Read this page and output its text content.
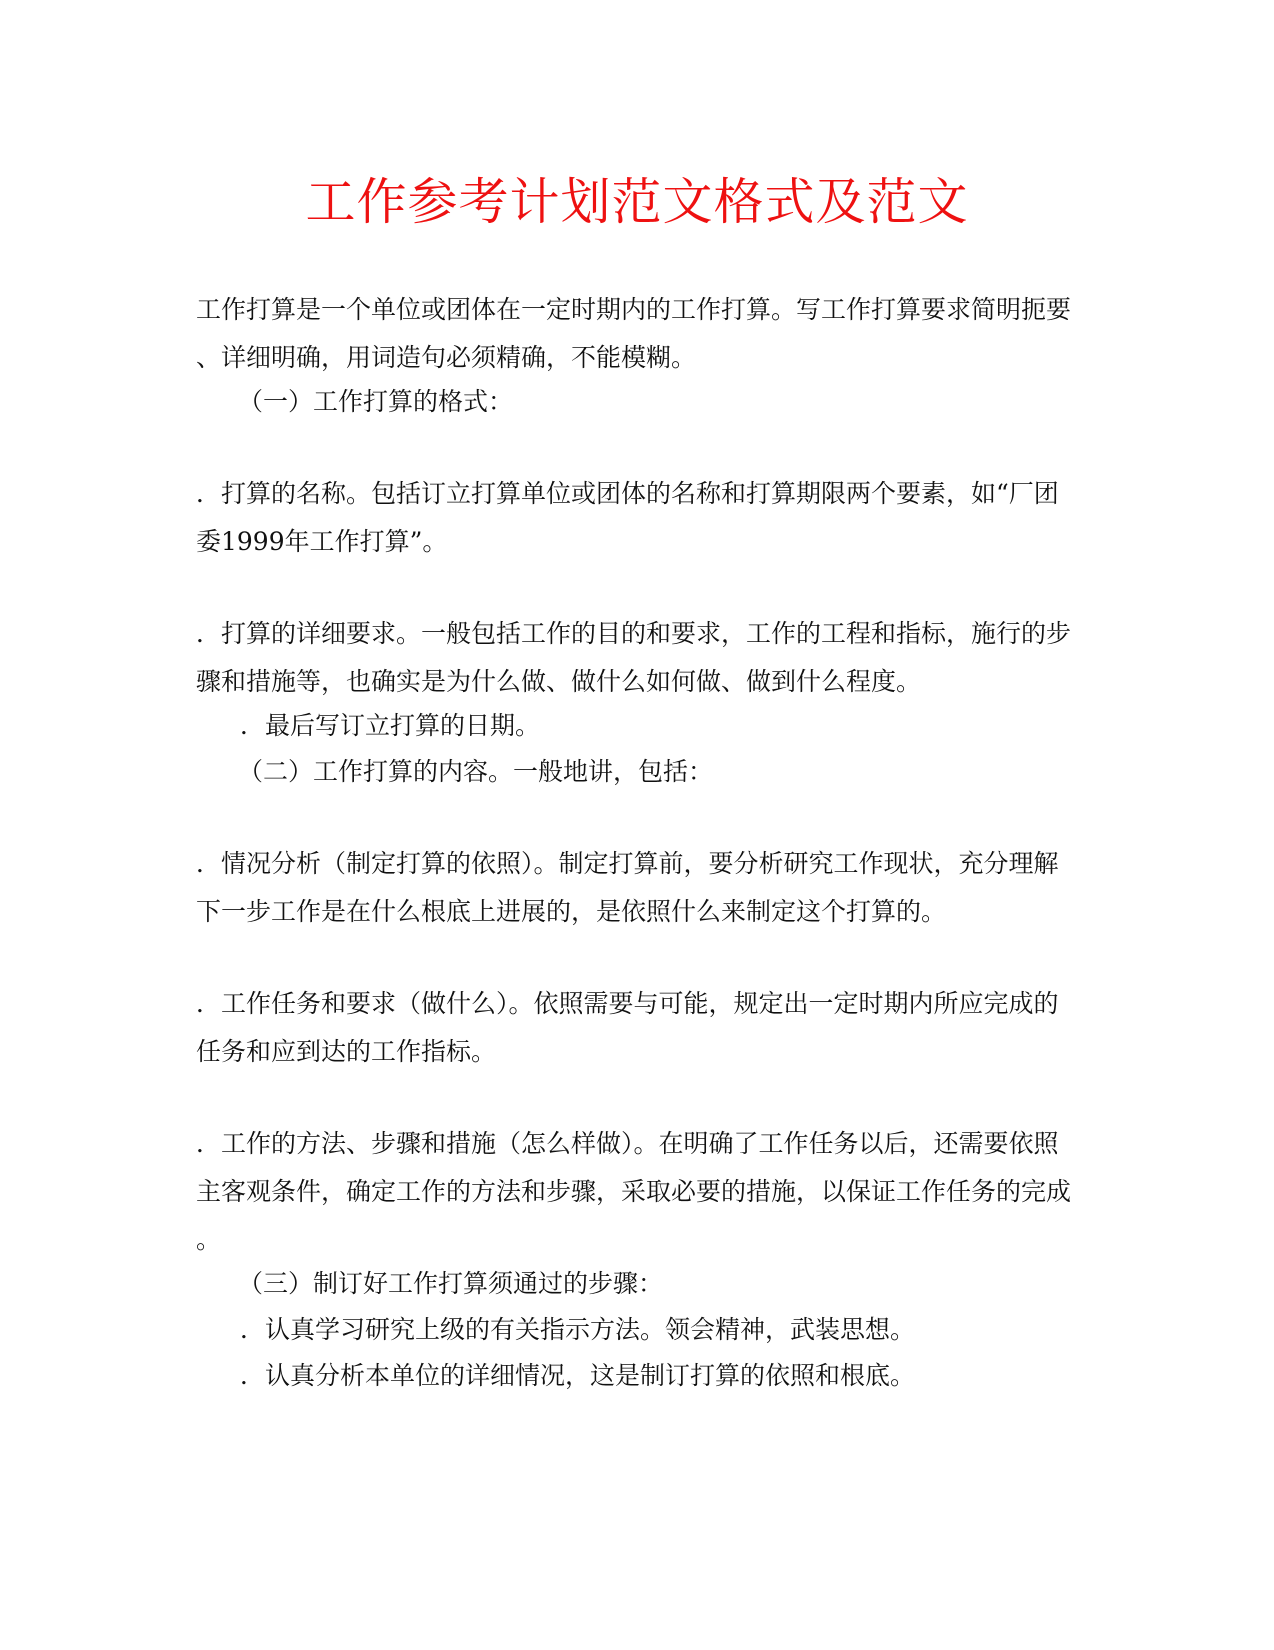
工作参考计划范文格式及范文
工作打算是一个单位或团体在一定时期内的工作打算。写工作打算要求简明扼要
、详细明确，用词造句必须精确，不能模糊。
（一）工作打算的格式：
．打算的名称。包括订立打算单位或团体的名称和打算期限两个要素，如“厂团
委1999年工作打算”。
．打算的详细要求。一般包括工作的目的和要求，工作的工程和指标，施行的步
骤和措施等，也确实是为什么做、做什么如何做、做到什么程度。
．最后写订立打算的日期。
（二）工作打算的内容。一般地讲，包括：
．情况分析（制定打算的依照）。制定打算前，要分析研究工作现状，充分理解
下一步工作是在什么根底上进展的，是依照什么来制定这个打算的。
．工作任务和要求（做什么）。依照需要与可能，规定出一定时期内所应完成的
任务和应到达的工作指标。
．工作的方法、步骤和措施（怎么样做）。在明确了工作任务以后，还需要依照
主客观条件，确定工作的方法和步骤，采取必要的措施，以保证工作任务的完成
。
（三）制订好工作打算须通过的步骤：
．认真学习研究上级的有关指示方法。领会精神，武装思想。
．认真分析本单位的详细情况，这是制订打算的依照和根底。
